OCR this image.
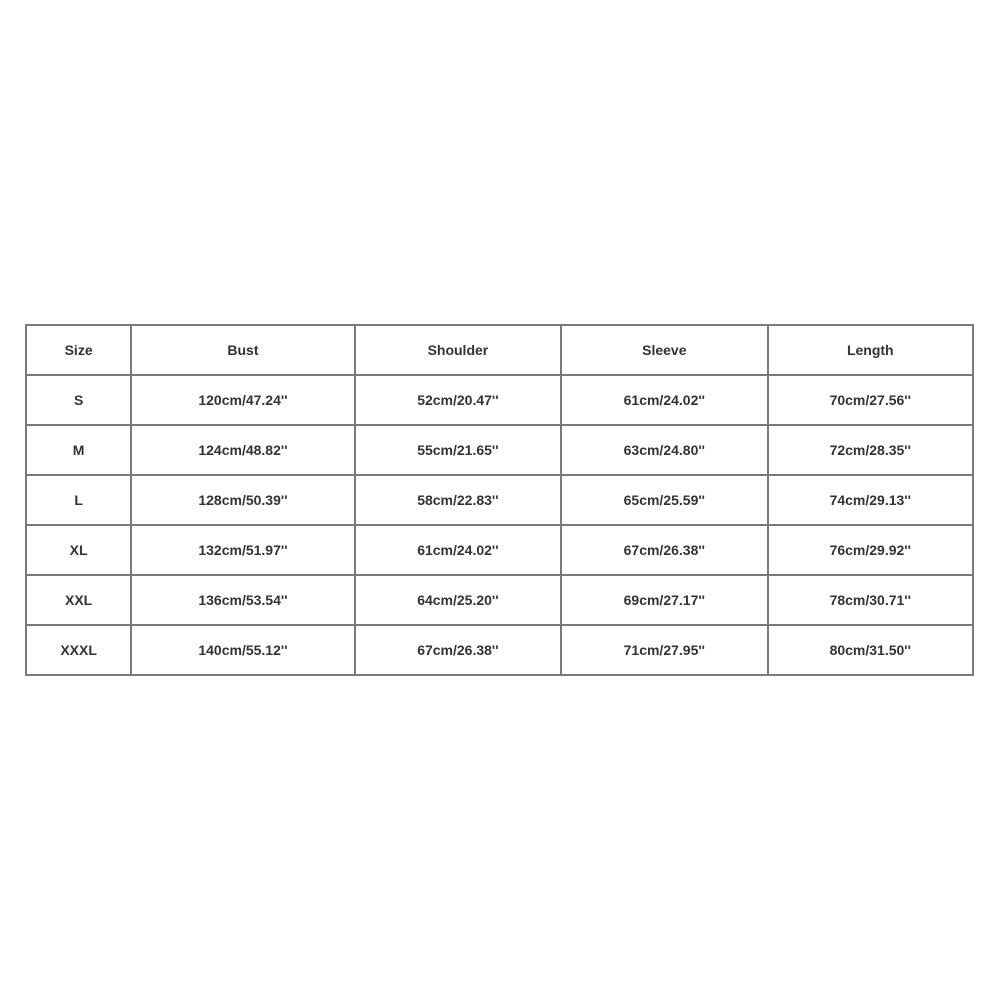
Size	Bust	Shoulder	Sleeve	Length
S	120cm/47.24''	52cm/20.47''	61cm/24.02''	70cm/27.56''
M	124cm/48.82''	55cm/21.65''	63cm/24.80''	72cm/28.35''
L	128cm/50.39''	58cm/22.83''	65cm/25.59''	74cm/29.13''
XL	132cm/51.97''	61cm/24.02''	67cm/26.38''	76cm/29.92''
XXL	136cm/53.54''	64cm/25.20''	69cm/27.17''	78cm/30.71''
XXXL	140cm/55.12''	67cm/26.38''	71cm/27.95''	80cm/31.50''
